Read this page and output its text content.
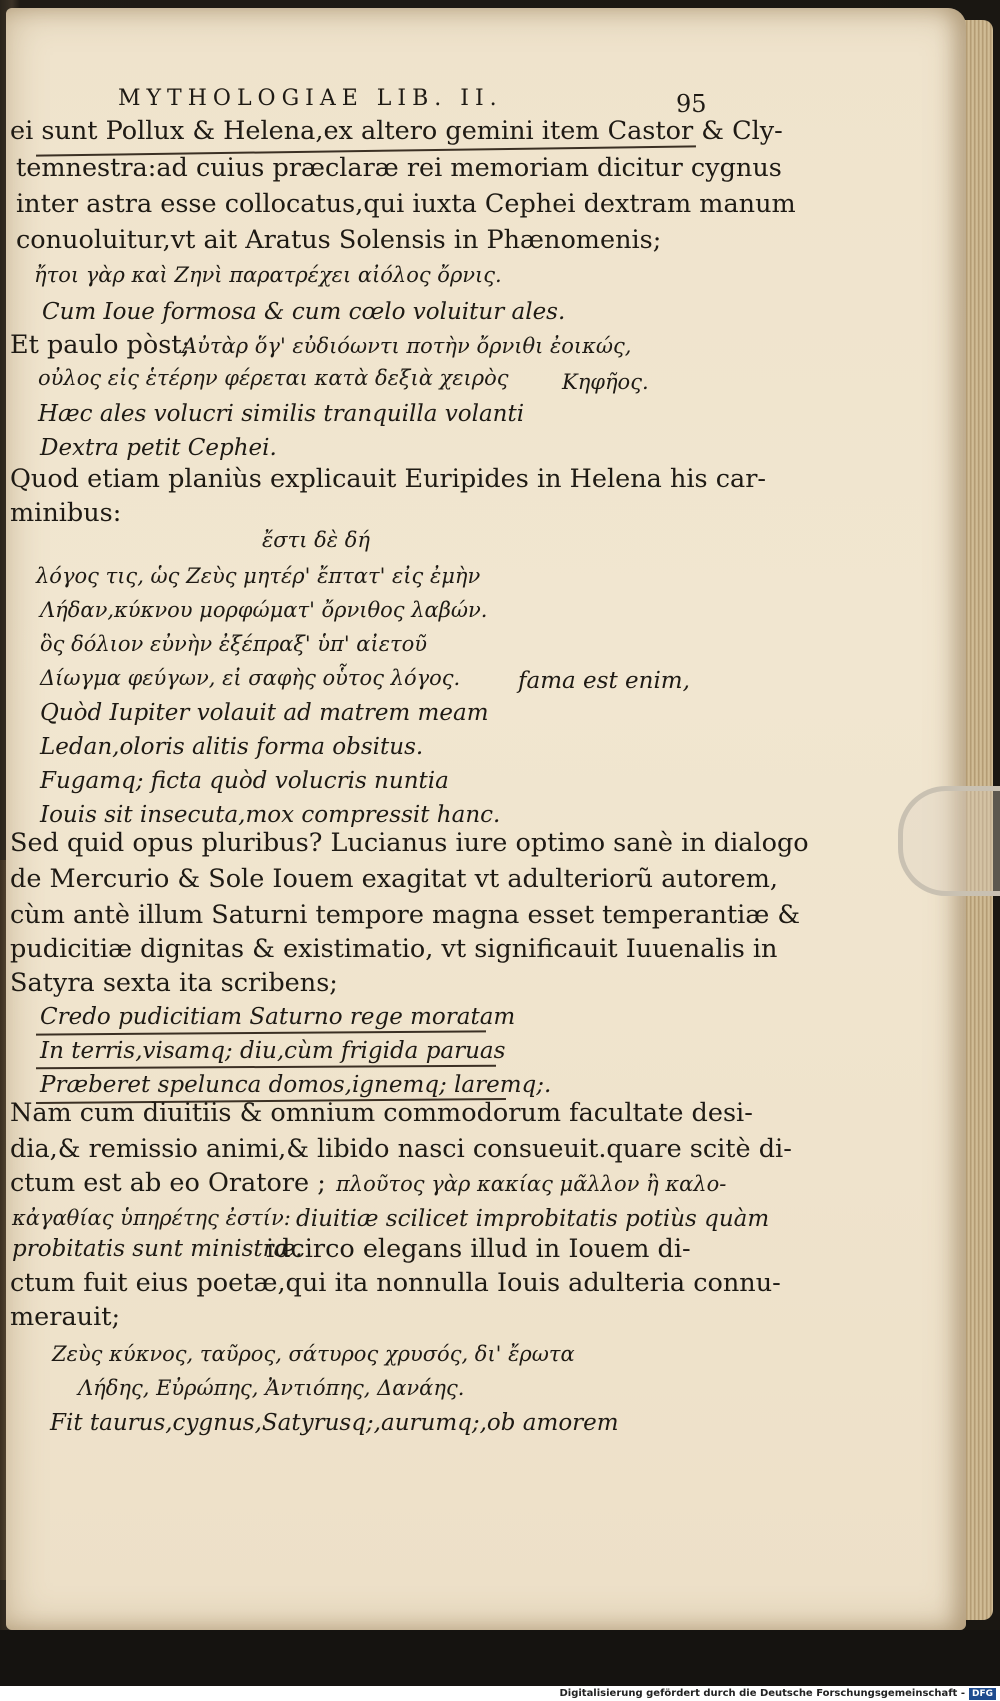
MYTHOLOGIAE LIB. II.	95
ei sunt Pollux & Helena,ex altero gemini item Castor & Cly-
temnestra:ad cuius præclaræ rei memoriam dicitur cygnus
inter astra esse collocatus,qui iuxta Cephei dextram manum
conuoluitur,vt ait Aratus Solensis in Phænomenis;
ἤτοι γὰρ καὶ Ζηνὶ παρατρέχει αἰόλος ὄρνις.
Cum Ioue formosa & cum cœlo voluitur ales.
Et paulo pòst;
Αὐτὰρ ὅγ' εὐδιόωντι ποτὴν ὄρνιθι ἐοικώς,
οὐλος εἰς ἑτέρην φέρεται κατὰ δεξιὰ χειρὸς	Κηφῆος.
Hæc ales volucri similis tranquilla volanti
Dextra petit Cephei.
Quod etiam planiùs explicauit Euripides in Helena his car-
minibus:
ἔστι δὲ δή
λόγος τις, ὡς Ζεὺς μητέρ' ἔπτατ' εἰς ἐμὴν
Λήδαν,κύκνου μορφώματ' ὄρνιθος λαβών.
ὃς δόλιον εὐνὴν ἐξέπραξ' ὑπ' αἰετοῦ
Δίωγμα φεύγων, εἰ σαφὴς οὗτος λόγος.	fama est enim,
Quòd Iupiter volauit ad matrem meam
Ledan,oloris alitis forma obsitus.
Fugamq; ficta quòd volucris nuntia
Iouis sit insecuta,mox compressit hanc.
Sed quid opus pluribus? Lucianus iure optimo sanè in dialogo
de Mercurio & Sole Iouem exagitat vt adulteriorũ autorem,
cùm antè illum Saturni tempore magna esset temperantiæ &
pudicitiæ dignitas & existimatio, vt significauit Iuuenalis in
Satyra sexta ita scribens;
Credo pudicitiam Saturno rege moratam
In terris,visamq; diu,cùm frigida paruas
Præberet spelunca domos,ignemq; laremq;.
Nam cum diuitiis & omnium commodorum facultate desi-
dia,& remissio animi,& libido nasci consueuit.quare scitè di-
ctum est ab eo Oratore ; πλοῦτος γὰρ κακίας μᾶλλον ἢ καλο-
κἀγαθίας ὑπηρέτης ἐστίν: diuitiæ scilicet improbitatis potiùs quàm
probitatis sunt ministræ.
idcirco elegans illud in Iouem di-
ctum fuit eius poetæ,qui ita nonnulla Iouis adulteria connu-
merauit;
Ζεὺς κύκνος, ταῦρος, σάτυρος χρυσός, δι' ἔρωτα
Λήδης, Εὐρώπης, Ἀντιόπης, Δανάης.
Fit taurus,cygnus,Satyrusq;,aurumq;,ob amorem
Digitalisierung gefördert durch die Deutsche Forschungsgemeinschaft - DFG
